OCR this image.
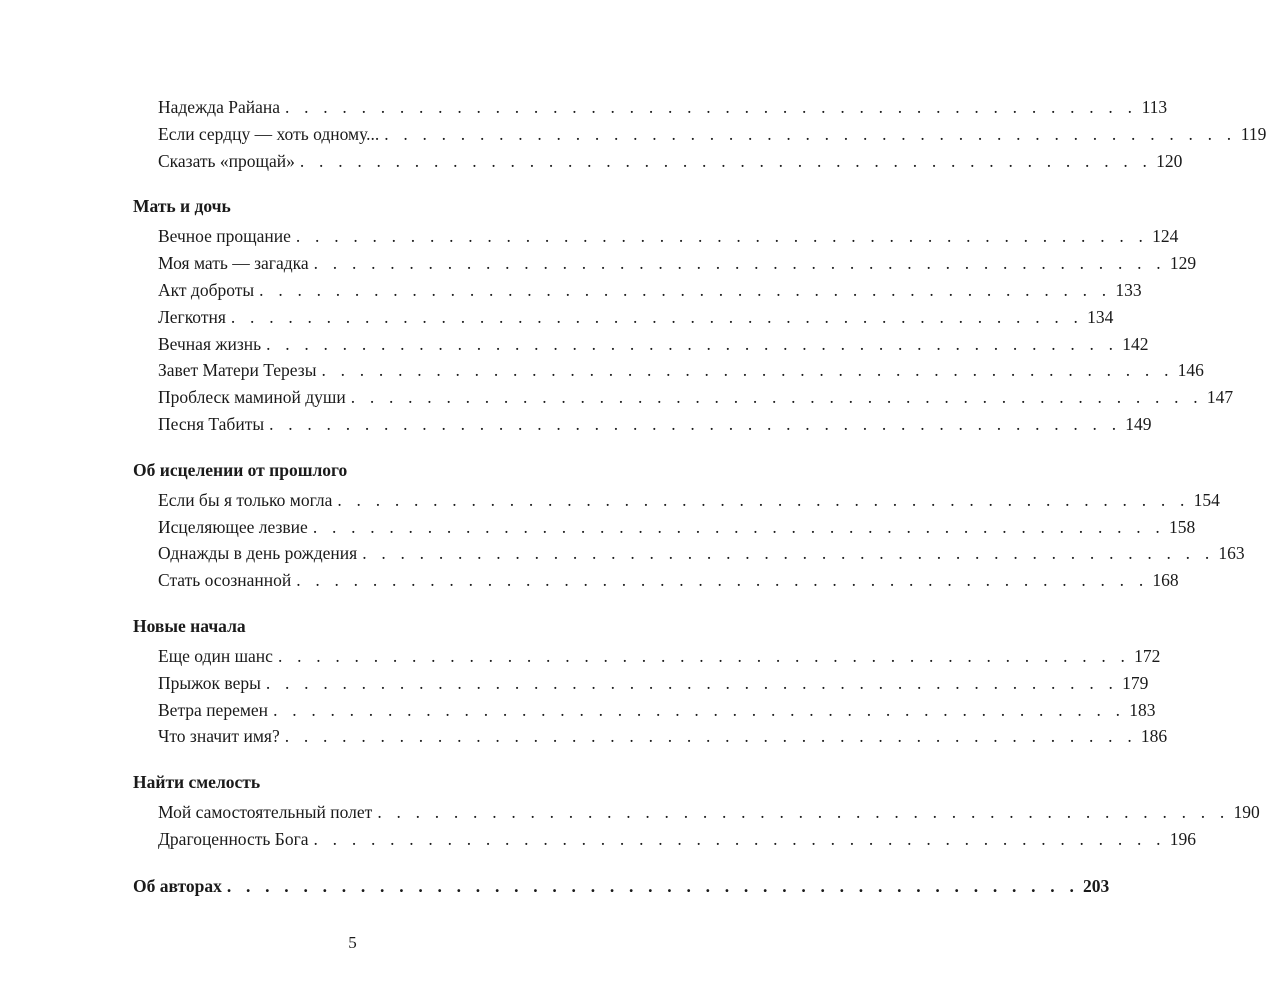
Надежда Райана . . . . . . . . . . . . . . . . . . . . . . . . . . . . . . . . . . . . . . . . . . . . . 113
Если сердцу — хоть одному... . . . . . . . . . . . . . . . . . . . . . . . . . . . . . . . . . . . . . . . . . . . . . 119
Сказать «прощай» . . . . . . . . . . . . . . . . . . . . . . . . . . . . . . . . . . . . . . . . . . . . . 120
Мать и дочь
Вечное прощание . . . . . . . . . . . . . . . . . . . . . . . . . . . . . . . . . . . . . . . . . . . . . 124
Моя мать — загадка . . . . . . . . . . . . . . . . . . . . . . . . . . . . . . . . . . . . . . . . . . . . . 129
Акт доброты . . . . . . . . . . . . . . . . . . . . . . . . . . . . . . . . . . . . . . . . . . . . . 133
Легкотня . . . . . . . . . . . . . . . . . . . . . . . . . . . . . . . . . . . . . . . . . . . . . 134
Вечная жизнь . . . . . . . . . . . . . . . . . . . . . . . . . . . . . . . . . . . . . . . . . . . . . 142
Завет Матери Терезы . . . . . . . . . . . . . . . . . . . . . . . . . . . . . . . . . . . . . . . . . . . . . 146
Проблеск маминой души . . . . . . . . . . . . . . . . . . . . . . . . . . . . . . . . . . . . . . . . . . . . . 147
Песня Табиты . . . . . . . . . . . . . . . . . . . . . . . . . . . . . . . . . . . . . . . . . . . . . 149
Об исцелении от прошлого
Если бы я только могла . . . . . . . . . . . . . . . . . . . . . . . . . . . . . . . . . . . . . . . . . . . . . 154
Исцеляющее лезвие . . . . . . . . . . . . . . . . . . . . . . . . . . . . . . . . . . . . . . . . . . . . . 158
Однажды в день рождения . . . . . . . . . . . . . . . . . . . . . . . . . . . . . . . . . . . . . . . . . . . . . 163
Стать осознанной . . . . . . . . . . . . . . . . . . . . . . . . . . . . . . . . . . . . . . . . . . . . . 168
Новые начала
Еще один шанс . . . . . . . . . . . . . . . . . . . . . . . . . . . . . . . . . . . . . . . . . . . . . 172
Прыжок веры . . . . . . . . . . . . . . . . . . . . . . . . . . . . . . . . . . . . . . . . . . . . . 179
Ветра перемен . . . . . . . . . . . . . . . . . . . . . . . . . . . . . . . . . . . . . . . . . . . . . 183
Что значит имя? . . . . . . . . . . . . . . . . . . . . . . . . . . . . . . . . . . . . . . . . . . . . . 186
Найти смелость
Мой самостоятельный полет . . . . . . . . . . . . . . . . . . . . . . . . . . . . . . . . . . . . . . . . . . . . . 190
Драгоценность Бога . . . . . . . . . . . . . . . . . . . . . . . . . . . . . . . . . . . . . . . . . . . . . 196
Об авторах . . . . . . . . . . . . . . . . . . . . . . . . . . . . . . . . . . . . . . . . . . . . . 203
5
